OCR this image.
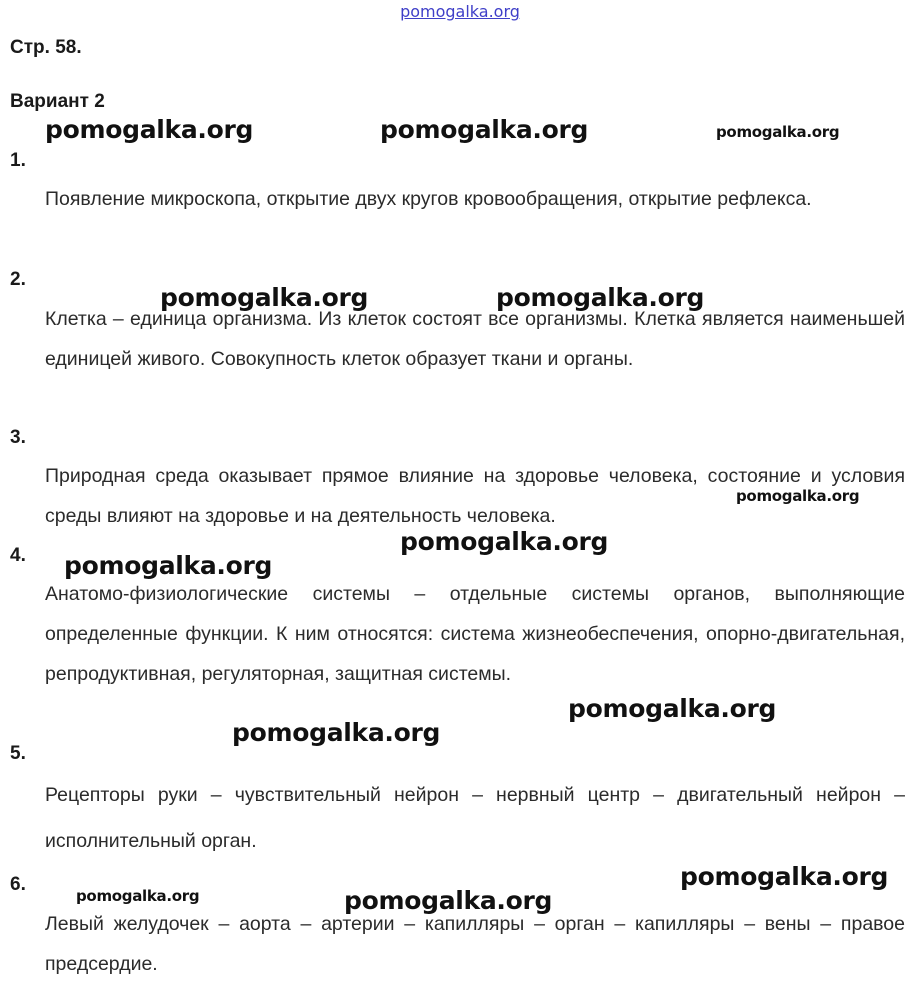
pomogalka.org
Стр. 58.
Вариант 2
1.
Появление микроскопа, открытие двух кругов кровообращения, открытие рефлекса.
2.
Клетка – единица организма. Из клеток состоят все организмы. Клетка является наименьшей единицей живого. Совокупность клеток образует ткани и органы.
3.
Природная среда оказывает прямое влияние на здоровье человека, состояние и условия среды влияют на здоровье и на деятельность человека.
4.
Анатомо-физиологические системы – отдельные системы органов, выполняющие определенные функции. К ним относятся: система жизнеобеспечения, опорно-двигательная, репродуктивная, регуляторная, защитная системы.
5.
Рецепторы руки – чувствительный нейрон – нервный центр – двигательный нейрон – исполнительный орган.
6.
Левый желудочек – аорта – артерии – капилляры – орган – капилляры – вены – правое предсердие.
pomogalka.org	pomogalka.org	pomogalka.org
pomogalka.org	pomogalka.org
pomogalka.org
pomogalka.org
pomogalka.org
pomogalka.org
pomogalka.org
pomogalka.org
pomogalka.org	pomogalka.org
